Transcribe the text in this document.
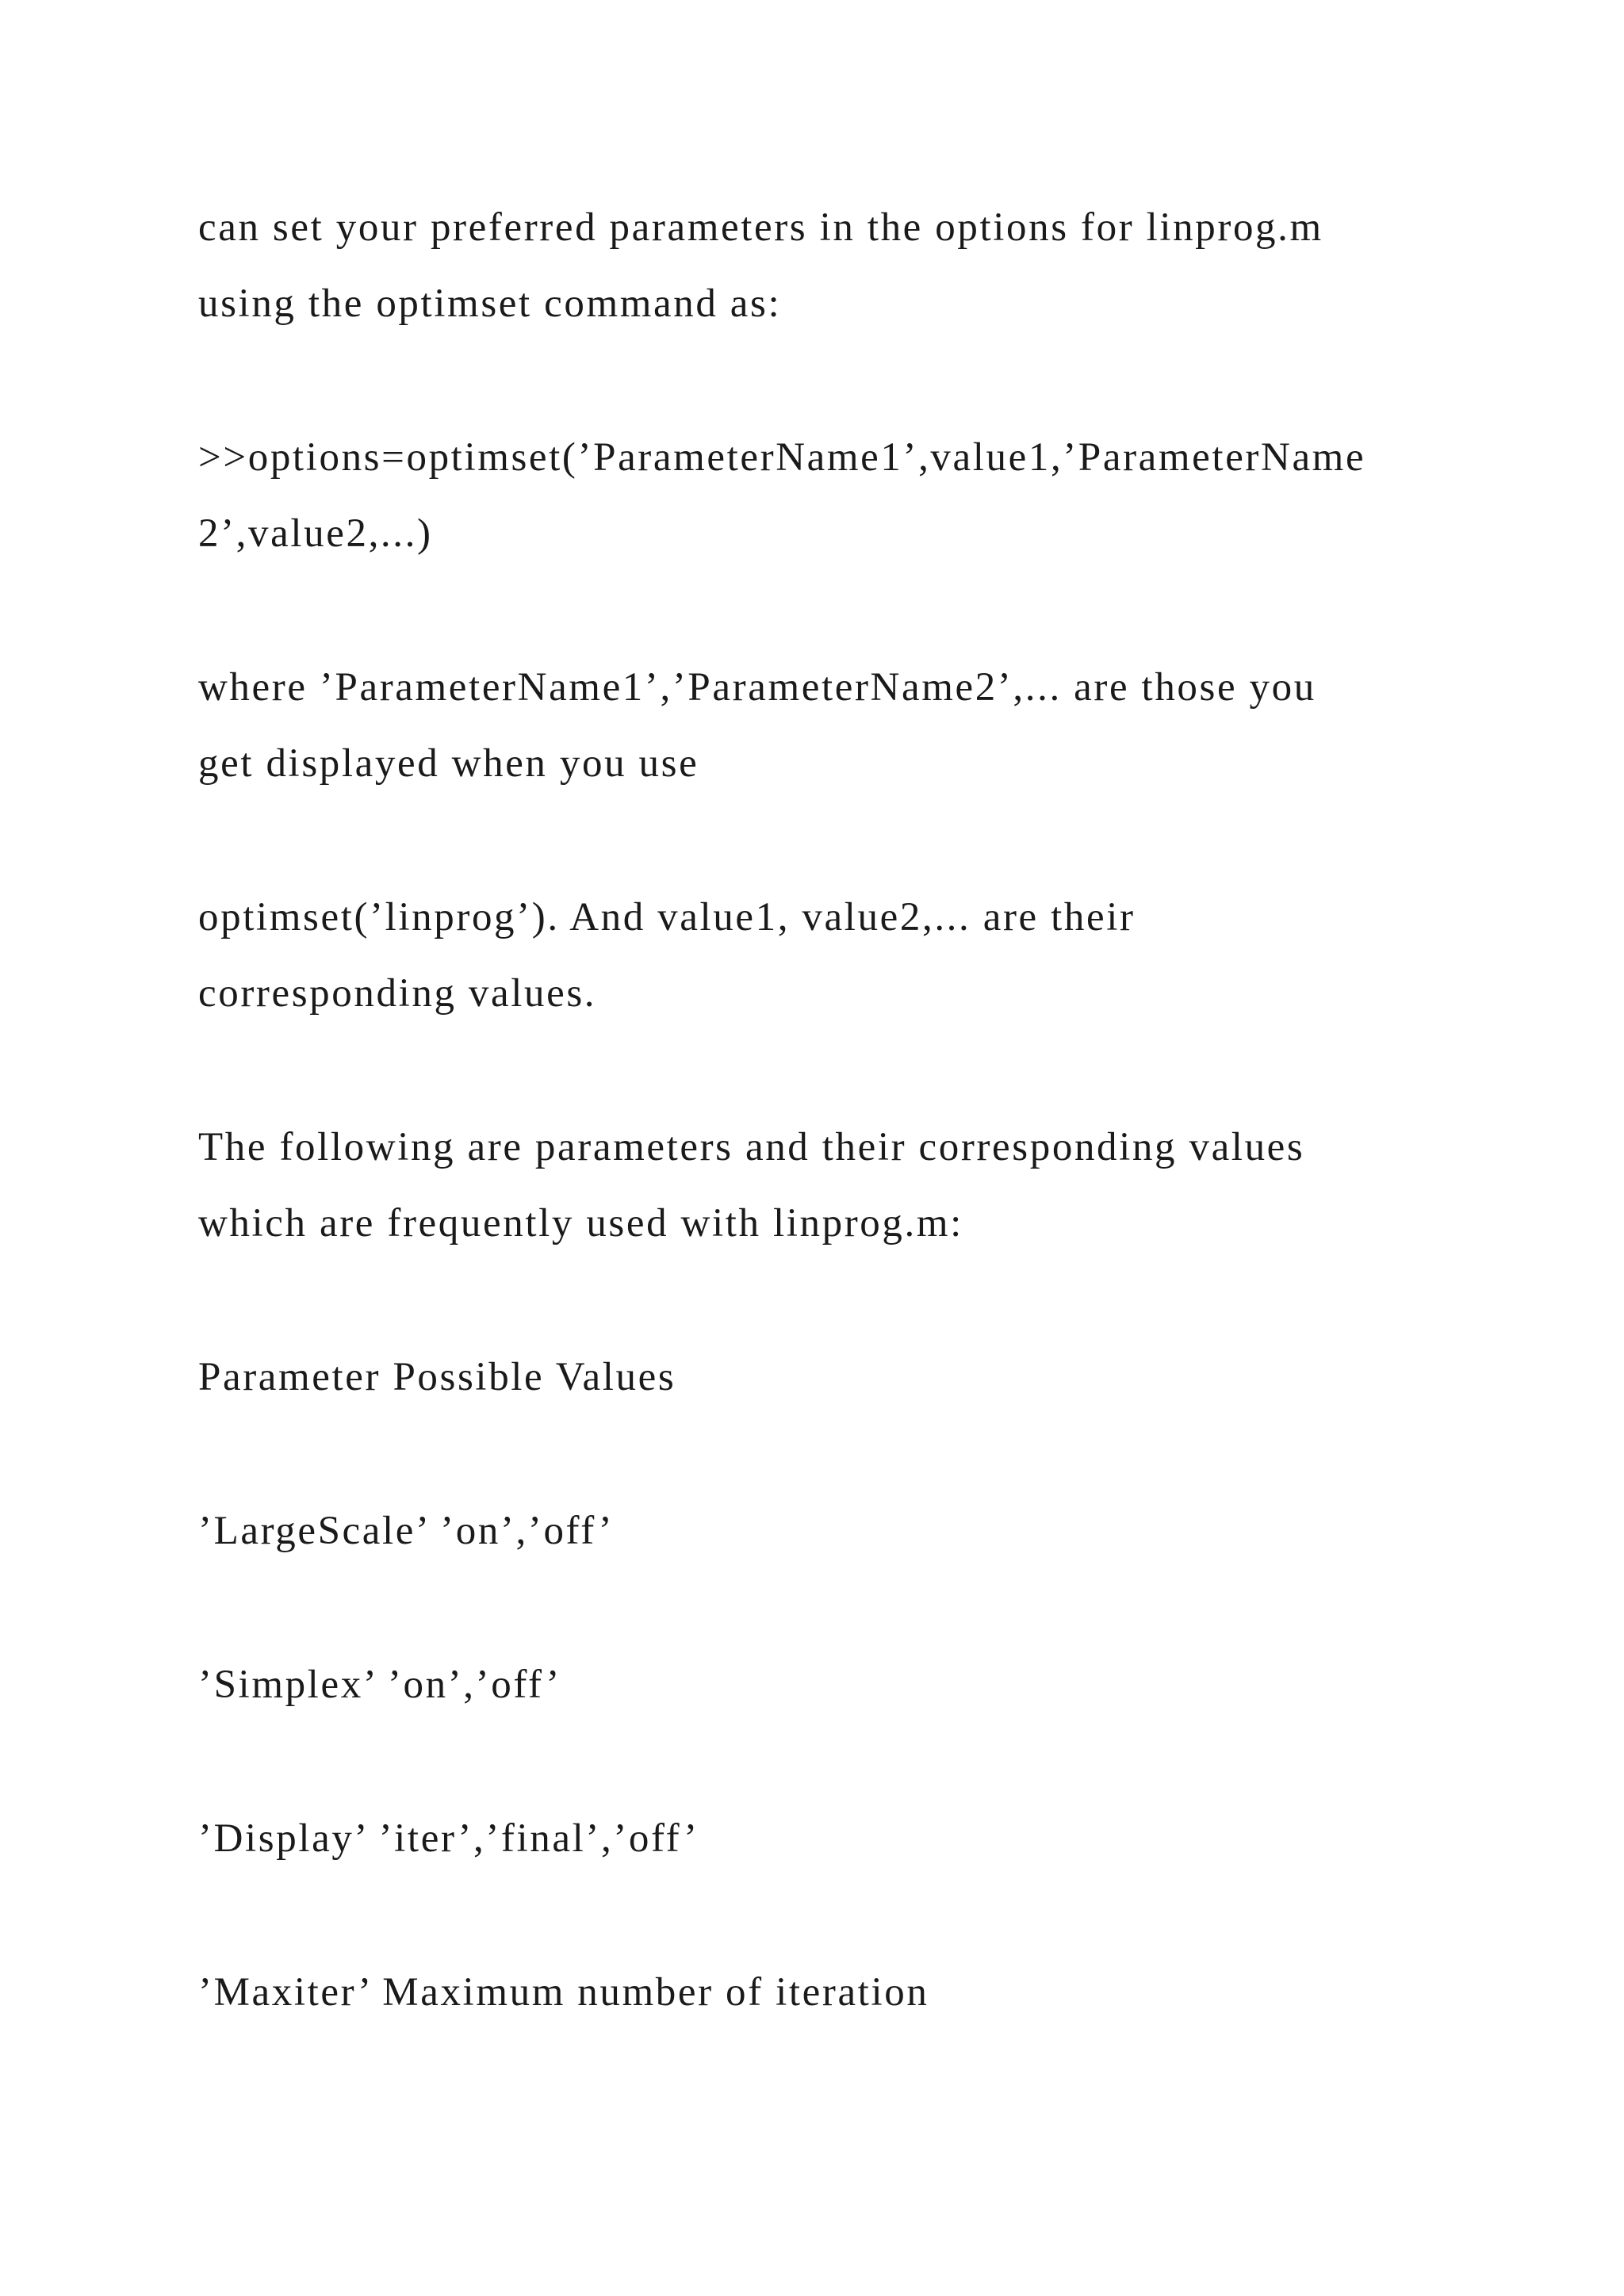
can set your preferred parameters in the options for linprog.m

using the optimset command as:

>>options=optimset(’ParameterName1’,value1,’ParameterName

2’,value2,...)

where ’ParameterName1’,’ParameterName2’,... are those you

get displayed when you use

optimset(’linprog’). And value1, value2,... are their

corresponding values.

The following are parameters and their corresponding values

which are frequently used with linprog.m:

Parameter Possible Values

’LargeScale’ ’on’,’off’

’Simplex’ ’on’,’off’

’Display’ ’iter’,’final’,’off’

’Maxiter’ Maximum number of iteration
